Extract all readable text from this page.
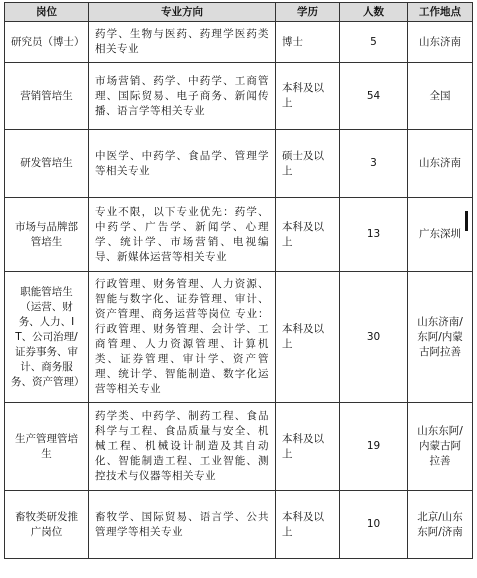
岗位	专业方向	学历	人数	工作地点
研究员（博士）	药学、生物与医药、药理学医药类相关专业	博士	5	山东济南
营销管培生	市场营销、药学、中药学、工商管理、国际贸易、电子商务、新闻传播、语言学等相关专业	本科及以上	54	全国
研发管培生	中医学、中药学、食品学、管理学等相关专业	硕士及以上	3	山东济南
市场与品牌部管培生	专业不限，以下专业优先：药学、中药学、广告学、新闻学、心理学、统计学、市场营销、电视编导、新媒体运营等相关专业	本科及以上	13	广东深圳
职能管培生（运营、财务、人力、IT、公司治理/证券事务、审计、商务服务、资产管理）	行政管理、财务管理、人力资源、智能与数字化、证券管理、审计、资产管理、商务运营等岗位 专业：行政管理、财务管理、会计学、工商管理、人力资源管理、计算机类、证券管理、审计学、资产管理、统计学、智能制造、数字化运营等相关专业	本科及以上	30	山东济南/东阿/内蒙古阿拉善
生产管理管培生	药学类、中药学、制药工程、食品科学与工程、食品质量与安全、机械工程、机械设计制造及其自动化、智能制造工程、工业智能、测控技术与仪器等相关专业	本科及以上	19	山东东阿/内蒙古阿拉善
畜牧类研发推广岗位	畜牧学、国际贸易、语言学、公共管理学等相关专业	本科及以上	10	北京/山东东阿/济南
